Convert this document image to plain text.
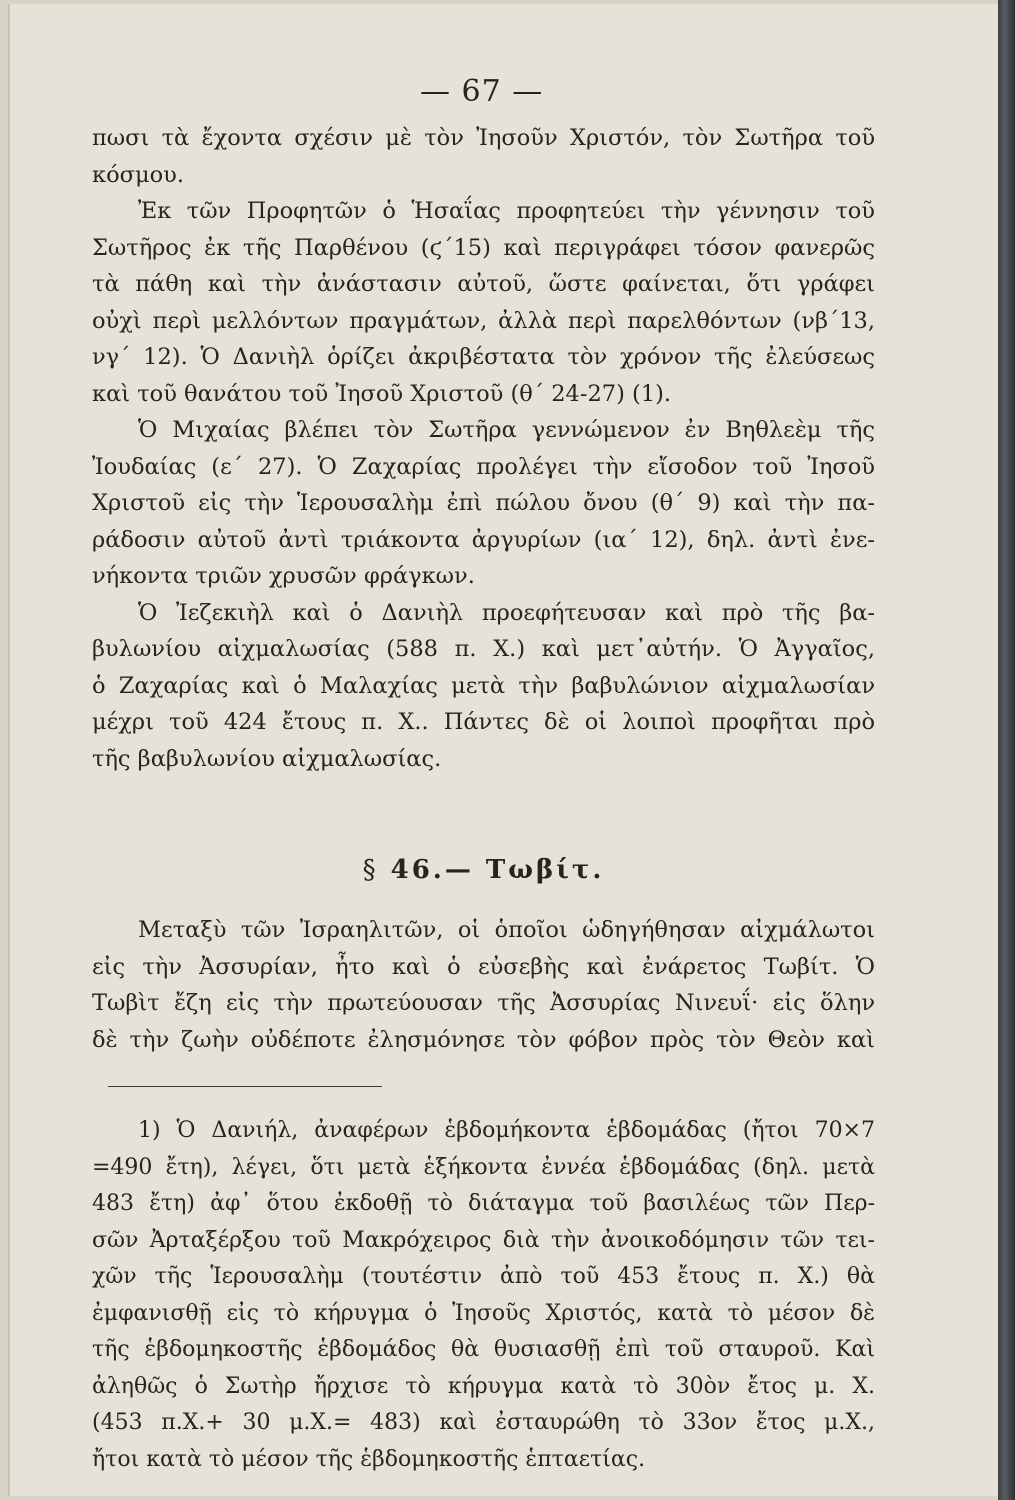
— 67 —
πωσι τὰ ἔχοντα σχέσιν μὲ τὸν Ἰησοῦν Χριστόν, τὸν Σωτῆρα τοῦ
κόσμου.
Ἐκ τῶν Προφητῶν ὁ Ἡσαΐας προφητεύει τὴν γέννησιν τοῦ
Σωτῆρος ἐκ τῆς Παρθένου (ϛ΄15) καὶ περιγράφει τόσον φανερῶς
τὰ πάθη καὶ τὴν ἀνάστασιν αὐτοῦ, ὥστε φαίνεται, ὅτι γράφει
οὐχὶ περὶ μελλόντων πραγμάτων, ἀλλὰ περὶ παρελθόντων (νβ΄13,
νγ΄ 12). Ὁ Δανιὴλ ὁρίζει ἀκριβέστατα τὸν χρόνον τῆς ἐλεύσεως
καὶ τοῦ θανάτου τοῦ Ἰησοῦ Χριστοῦ (θ΄ 24-27) (1).
Ὁ Μιχαίας βλέπει τὸν Σωτῆρα γεννώμενον ἐν Βηθλεὲμ τῆς
Ἰουδαίας (ε΄ 27). Ὁ Ζαχαρίας προλέγει τὴν εἴσοδον τοῦ Ἰησοῦ
Χριστοῦ εἰς τὴν Ἱερουσαλὴμ ἐπὶ πώλου ὄνου (θ΄ 9) καὶ τὴν πα-
ράδοσιν αὐτοῦ ἀντὶ τριάκοντα ἀργυρίων (ια΄ 12), δηλ. ἀντὶ ἐνε-
νήκοντα τριῶν χρυσῶν φράγκων.
Ὁ Ἰεζεκιὴλ καὶ ὁ Δανιὴλ προεφήτευσαν καὶ πρὸ τῆς βα-
βυλωνίου αἰχμαλωσίας (588 π. Χ.) καὶ μετ᾽αὐτήν. Ὁ Ἀγγαῖος,
ὁ Ζαχαρίας καὶ ὁ Μαλαχίας μετὰ τὴν βαβυλώνιον αἰχμαλωσίαν
μέχρι τοῦ 424 ἔτους π. Χ.. Πάντες δὲ οἱ λοιποὶ προφῆται πρὸ
τῆς βαβυλωνίου αἰχμαλωσίας.
§ 46.— Τωβίτ.
Μεταξὺ τῶν Ἰσραηλιτῶν, οἱ ὁποῖοι ὡδηγήθησαν αἰχμάλωτοι
εἰς τὴν Ἀσσυρίαν, ἦτο καὶ ὁ εὐσεβὴς καὶ ἐνάρετος Τωβίτ. Ὁ
Τωβὶτ ἔζη εἰς τὴν πρωτεύουσαν τῆς Ἀσσυρίας Νινευΐ· εἰς ὅλην
δὲ τὴν ζωὴν οὐδέποτε ἐλησμόνησε τὸν φόβον πρὸς τὸν Θεὸν καὶ
1) Ὁ Δανιήλ, ἀναφέρων ἑβδομήκοντα ἑβδομάδας (ἤτοι 70×7
=490 ἔτη), λέγει, ὅτι μετὰ ἑξήκοντα ἐννέα ἑβδομάδας (δηλ. μετὰ
483 ἔτη) ἀφ᾽ ὅτου ἐκδοθῇ τὸ διάταγμα τοῦ βασιλέως τῶν Περ-
σῶν Ἀρταξέρξου τοῦ Μακρόχειρος διὰ τὴν ἀνοικοδόμησιν τῶν τει-
χῶν τῆς Ἱερουσαλὴμ (τουτέστιν ἀπὸ τοῦ 453 ἔτους π. Χ.) θὰ
ἐμφανισθῇ εἰς τὸ κήρυγμα ὁ Ἰησοῦς Χριστός, κατὰ τὸ μέσον δὲ
τῆς ἑβδομηκοστῆς ἑβδομάδος θὰ θυσιασθῇ ἐπὶ τοῦ σταυροῦ. Καὶ
ἀληθῶς ὁ Σωτὴρ ἤρχισε τὸ κήρυγμα κατὰ τὸ 30ὸν ἔτος μ. Χ.
(453 π.Χ.+ 30 μ.Χ.= 483) καὶ ἐσταυρώθη τὸ 33ον ἔτος μ.Χ.,
ἤτοι κατὰ τὸ μέσον τῆς ἑβδομηκοστῆς ἑπταετίας.
